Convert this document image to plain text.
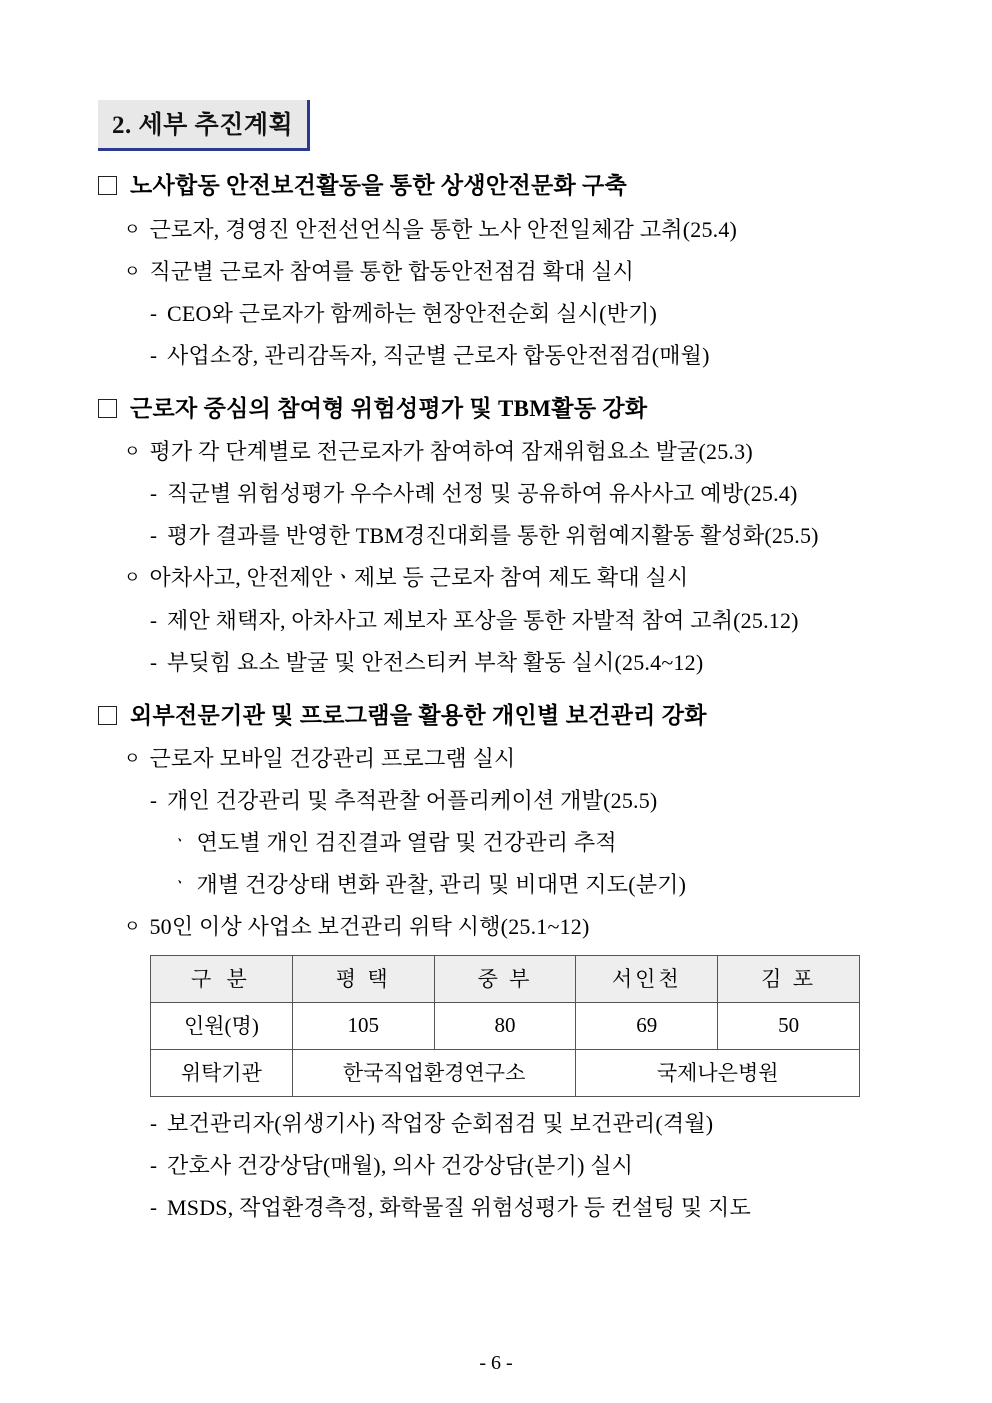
2. 세부 추진계획
노사합동 안전보건활동을 통한 상생안전문화 구축
ㅇ 근로자, 경영진 안전선언식을 통한 노사 안전일체감 고취(25.4)
ㅇ 직군별 근로자 참여를 통한 합동안전점검 확대 실시
- CEO와 근로자가 함께하는 현장안전순회 실시(반기)
- 사업소장, 관리감독자, 직군별 근로자 합동안전점검(매월)
근로자 중심의 참여형 위험성평가 및 TBM활동 강화
ㅇ 평가 각 단계별로 전근로자가 참여하여 잠재위험요소 발굴(25.3)
- 직군별 위험성평가 우수사례 선정 및 공유하여 유사사고 예방(25.4)
- 평가 결과를 반영한 TBM경진대회를 통한 위험예지활동 활성화(25.5)
ㅇ 아차사고, 안전제안ㆍ제보 등 근로자 참여 제도 확대 실시
- 제안 채택자, 아차사고 제보자 포상을 통한 자발적 참여 고취(25.12)
- 부딪힘 요소 발굴 및 안전스티커 부착 활동 실시(25.4~12)
외부전문기관 및 프로그램을 활용한 개인별 보건관리 강화
ㅇ 근로자 모바일 건강관리 프로그램 실시
- 개인 건강관리 및 추적관찰 어플리케이션 개발(25.5)
ㆍ 연도별 개인 검진결과 열람 및 건강관리 추적
ㆍ 개별 건강상태 변화 관찰, 관리 및 비대면 지도(분기)
ㅇ 50인 이상 사업소 보건관리 위탁 시행(25.1~12)
구 분	평 택	중 부	서인천	김 포
인원(명)	105	80	69	50
위탁기관	한국직업환경연구소		국제나은병원	
- 보건관리자(위생기사) 작업장 순회점검 및 보건관리(격월)
- 간호사 건강상담(매월), 의사 건강상담(분기) 실시
- MSDS, 작업환경측정, 화학물질 위험성평가 등 컨설팅 및 지도
- 6 -
